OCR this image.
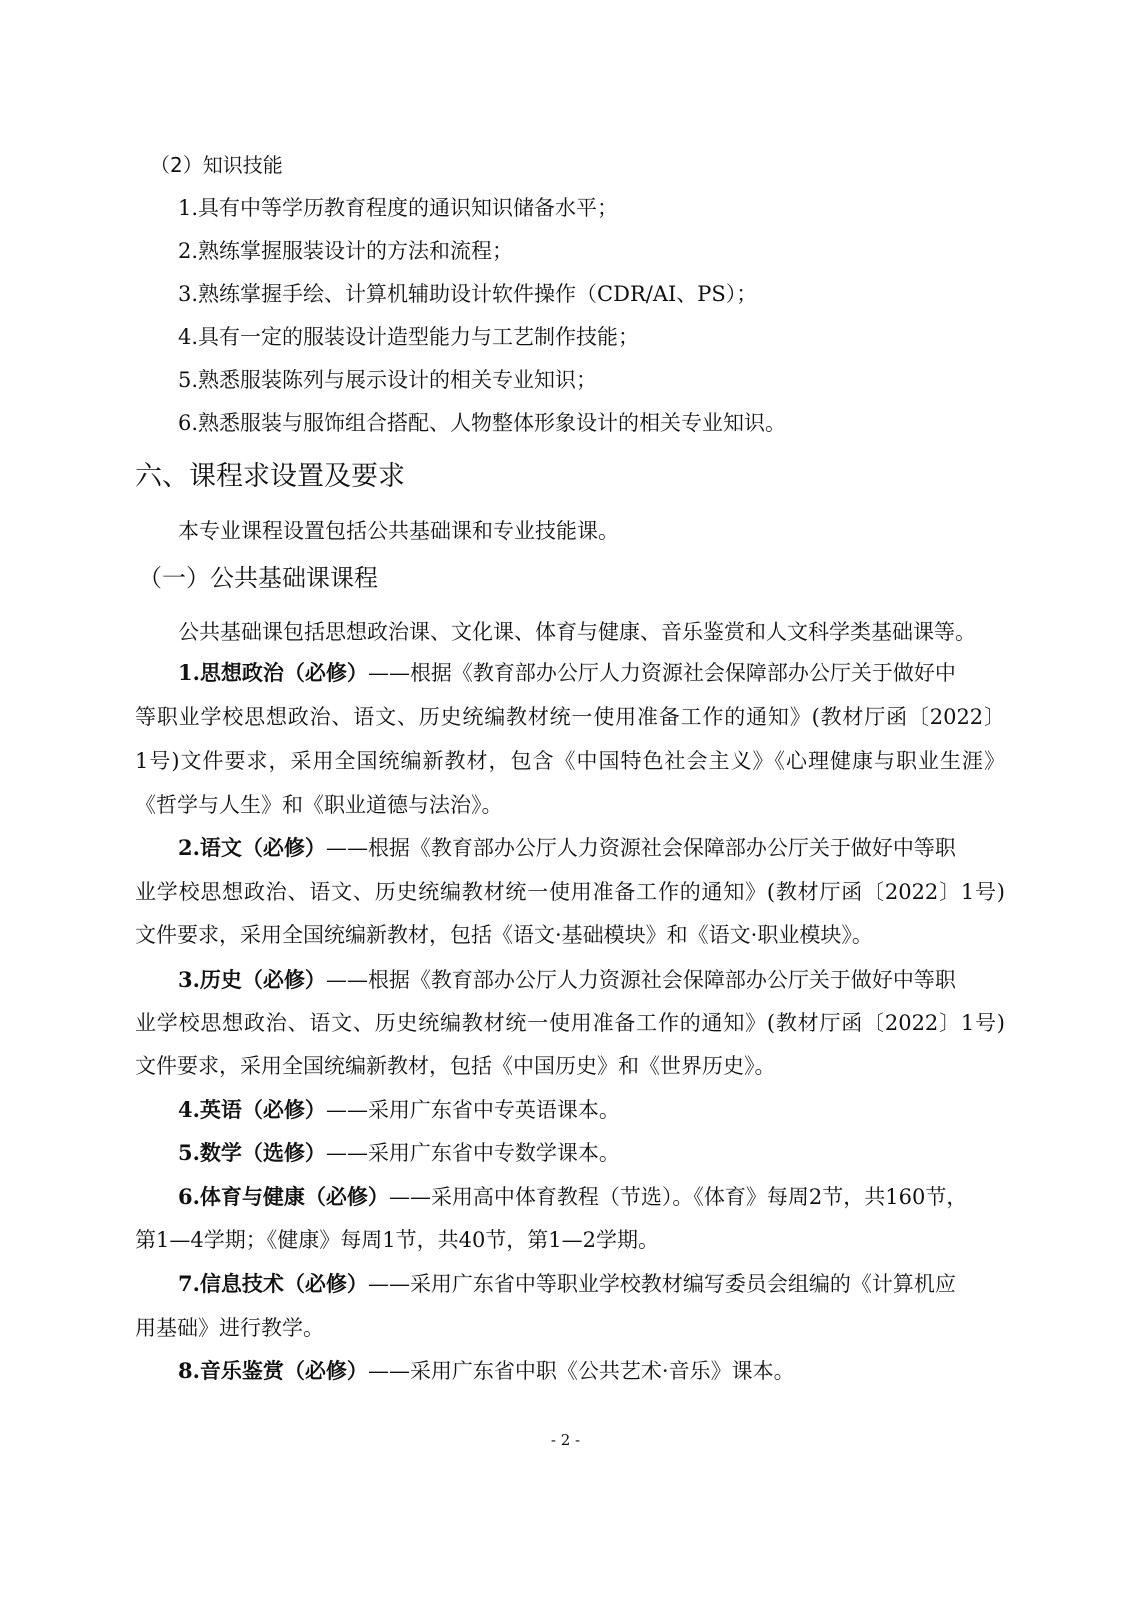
（2）知识技能
1.具有中等学历教育程度的通识知识储备水平；
2.熟练掌握服装设计的方法和流程；
3.熟练掌握手绘、计算机辅助设计软件操作（CDR/AI、PS）；
4.具有一定的服装设计造型能力与工艺制作技能；
5.熟悉服装陈列与展示设计的相关专业知识；
6.熟悉服装与服饰组合搭配、人物整体形象设计的相关专业知识。
六、课程求设置及要求
本专业课程设置包括公共基础课和专业技能课。
（一）公共基础课课程
公共基础课包括思想政治课、文化课、体育与健康、音乐鉴赏和人文科学类基础课等。
1.思想政治（必修）——根据《教育部办公厅人力资源社会保障部办公厅关于做好中
等职业学校思想政治、语文、历史统编教材统一使用准备工作的通知》(教材厅函〔2022〕
1号)文件要求，采用全国统编新教材，包含《中国特色社会主义》《心理健康与职业生涯》
《哲学与人生》和《职业道德与法治》。
2.语文（必修）——根据《教育部办公厅人力资源社会保障部办公厅关于做好中等职
业学校思想政治、语文、历史统编教材统一使用准备工作的通知》(教材厅函〔2022〕1号)
文件要求，采用全国统编新教材，包括《语文·基础模块》和《语文·职业模块》。
3.历史（必修）——根据《教育部办公厅人力资源社会保障部办公厅关于做好中等职
业学校思想政治、语文、历史统编教材统一使用准备工作的通知》(教材厅函〔2022〕1号)
文件要求，采用全国统编新教材，包括《中国历史》和《世界历史》。
4.英语（必修）——采用广东省中专英语课本。
5.数学（选修）——采用广东省中专数学课本。
6.体育与健康（必修）——采用高中体育教程（节选）。《体育》每周2节，共160节，
第1—4学期；《健康》每周1节，共40节，第1—2学期。
7.信息技术（必修）——采用广东省中等职业学校教材编写委员会组编的《计算机应
用基础》进行教学。
8.音乐鉴赏（必修）——采用广东省中职《公共艺术·音乐》课本。
- 2 -
